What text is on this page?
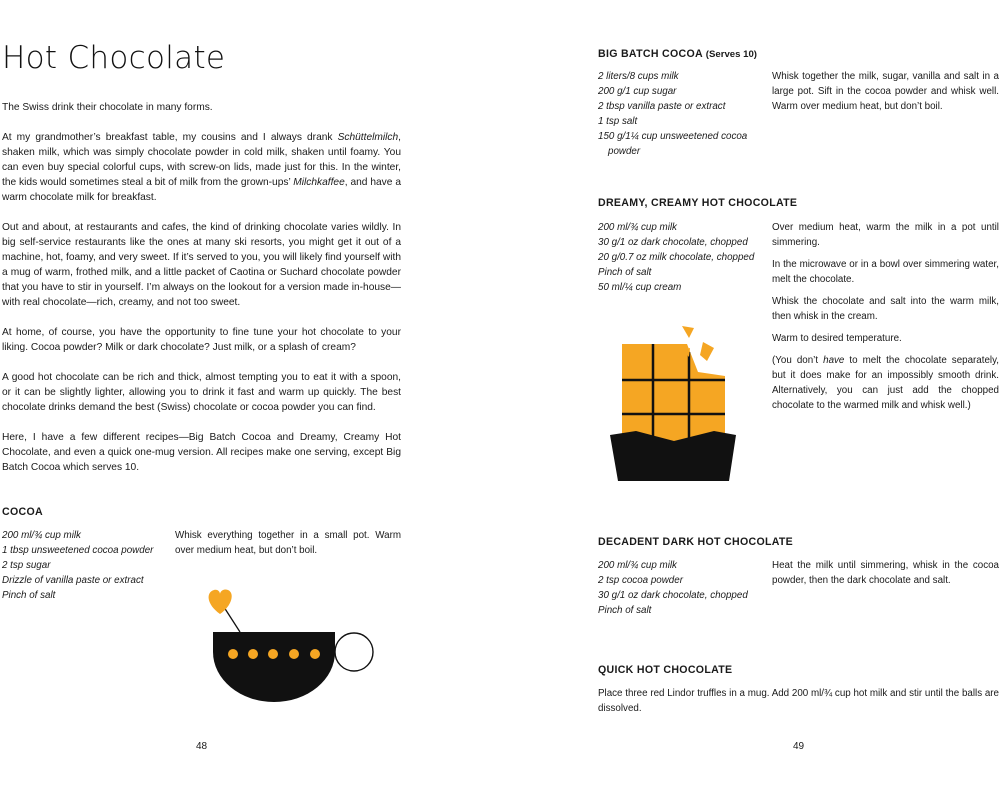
Hot Chocolate

The Swiss drink their chocolate in many forms.

At my grandmother’s breakfast table, my cousins and I always drank Schüttelmilch, shaken milk, which was simply chocolate powder in cold milk, shaken until foamy. You can even buy special colorful cups, with screw-on lids, made just for this. In the winter, the kids would sometimes steal a bit of milk from the grown-ups’ Milchkaffee, and have a warm chocolate milk for breakfast.

Out and about, at restaurants and cafes, the kind of drinking chocolate varies wildly. In big self-service restaurants like the ones at many ski resorts, you might get it out of a machine, hot, foamy, and very sweet. If it’s served to you, you will likely find yourself with a mug of warm, frothed milk, and a little packet of Caotina or Suchard chocolate powder that you have to stir in yourself. I’m always on the lookout for a version made in-house—with real chocolate—rich, creamy, and not too sweet.

At home, of course, you have the opportunity to fine tune your hot chocolate to your liking. Cocoa powder? Milk or dark chocolate? Just milk, or a splash of cream?

A good hot chocolate can be rich and thick, almost tempting you to eat it with a spoon, or it can be slightly lighter, allowing you to drink it fast and warm up quickly. The best chocolate drinks demand the best (Swiss) chocolate or cocoa powder you can find.

Here, I have a few different recipes—Big Batch Cocoa and Dreamy, Creamy Hot Chocolate, and even a quick one-mug version. All recipes make one serving, except Big Batch Cocoa which serves 10.

COCOA
200 ml/¾ cup milk
1 tbsp unsweetened cocoa powder
2 tsp sugar
Drizzle of vanilla paste or extract
Pinch of salt

Whisk everything together in a small pot. Warm over medium heat, but don’t boil.

48
BIG BATCH COCOA (Serves 10)
2 liters/8 cups milk
200 g/1 cup sugar
2 tbsp vanilla paste or extract
1 tsp salt
150 g/1¼ cup unsweetened cocoa powder

Whisk together the milk, sugar, vanilla and salt in a large pot. Sift in the cocoa powder and whisk well. Warm over medium heat, but don’t boil.

DREAMY, CREAMY HOT CHOCOLATE
200 ml/¾ cup milk
30 g/1 oz dark chocolate, chopped
20 g/0.7 oz milk chocolate, chopped
Pinch of salt
50 ml/¼ cup cream

Over medium heat, warm the milk in a pot until simmering.

In the microwave or in a bowl over simmering water, melt the chocolate.

Whisk the chocolate and salt into the warm milk, then whisk in the cream.

Warm to desired temperature.

(You don’t have to melt the chocolate separately, but it does make for an impossibly smooth drink. Alternatively, you can just add the chopped chocolate to the warmed milk and whisk well.)

DECADENT DARK HOT CHOCOLATE
200 ml/¾ cup milk
2 tsp cocoa powder
30 g/1 oz dark chocolate, chopped
Pinch of salt

Heat the milk until simmering, whisk in the cocoa powder, then the dark chocolate and salt.

QUICK HOT CHOCOLATE

Place three red Lindor truffles in a mug. Add 200 ml/¾ cup hot milk and stir until the balls are dissolved.

49
